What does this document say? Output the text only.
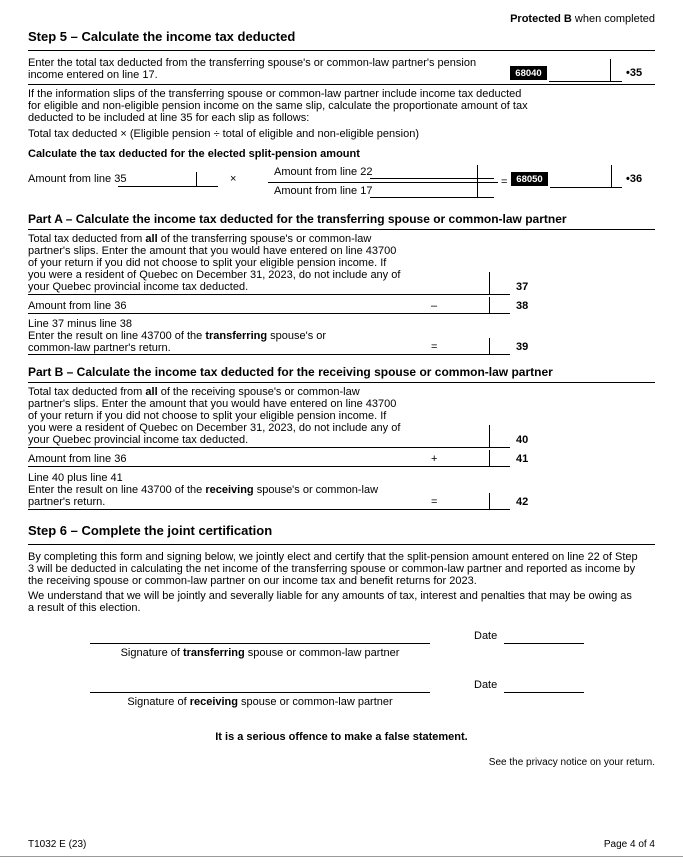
Protected B when completed
Step 5 – Calculate the income tax deducted

Enter the total tax deducted from the transferring spouse's or common-law partner's pension income entered on line 17.	68040	•35

If the information slips of the transferring spouse or common-law partner include income tax deducted for eligible and non-eligible pension income on the same slip, calculate the proportionate amount of tax deducted to be included at line 35 for each slip as follows:

Total tax deducted × (Eligible pension ÷ total of eligible and non-eligible pension)

Calculate the tax deducted for the elected split-pension amount
Amount from line 35	×
Amount from line 22
Amount from line 17
= 68050	•36
Part A – Calculate the income tax deducted for the transferring spouse or common-law partner

Total tax deducted from all of the transferring spouse's or common-law partner's slips. Enter the amount that you would have entered on line 43700 of your return if you did not choose to split your eligible pension income. If you were a resident of Quebec on December 31, 2023, do not include any of your Quebec provincial income tax deducted.	37
Amount from line 36	–	38
Line 37 minus line 38

Enter the result on line 43700 of the transferring spouse's or common-law partner's return.	=	39
Part B – Calculate the income tax deducted for the receiving spouse or common-law partner

Total tax deducted from all of the receiving spouse's or common-law partner's slips. Enter the amount that you would have entered on line 43700 of your return if you did not choose to split your eligible pension income. If you were a resident of Quebec on December 31, 2023, do not include any of your Quebec provincial income tax deducted.	40
Amount from line 36	+	41
Line 40 plus line 41

Enter the result on line 43700 of the receiving spouse's or common-law partner's return.	=	42
Step 6 – Complete the joint certification

By completing this form and signing below, we jointly elect and certify that the split-pension amount entered on line 22 of Step 3 will be deducted in calculating the net income of the transferring spouse or common-law partner and reported as income by the receiving spouse or common-law partner on our income tax and benefit returns for 2023.

We understand that we will be jointly and severally liable for any amounts of tax, interest and penalties that may be owing as a result of this election.

Date
Signature of transferring spouse or common-law partner
Date
Signature of receiving spouse or common-law partner
It is a serious offence to make a false statement.
See the privacy notice on your return.
T1032 E (23)	Page 4 of 4
